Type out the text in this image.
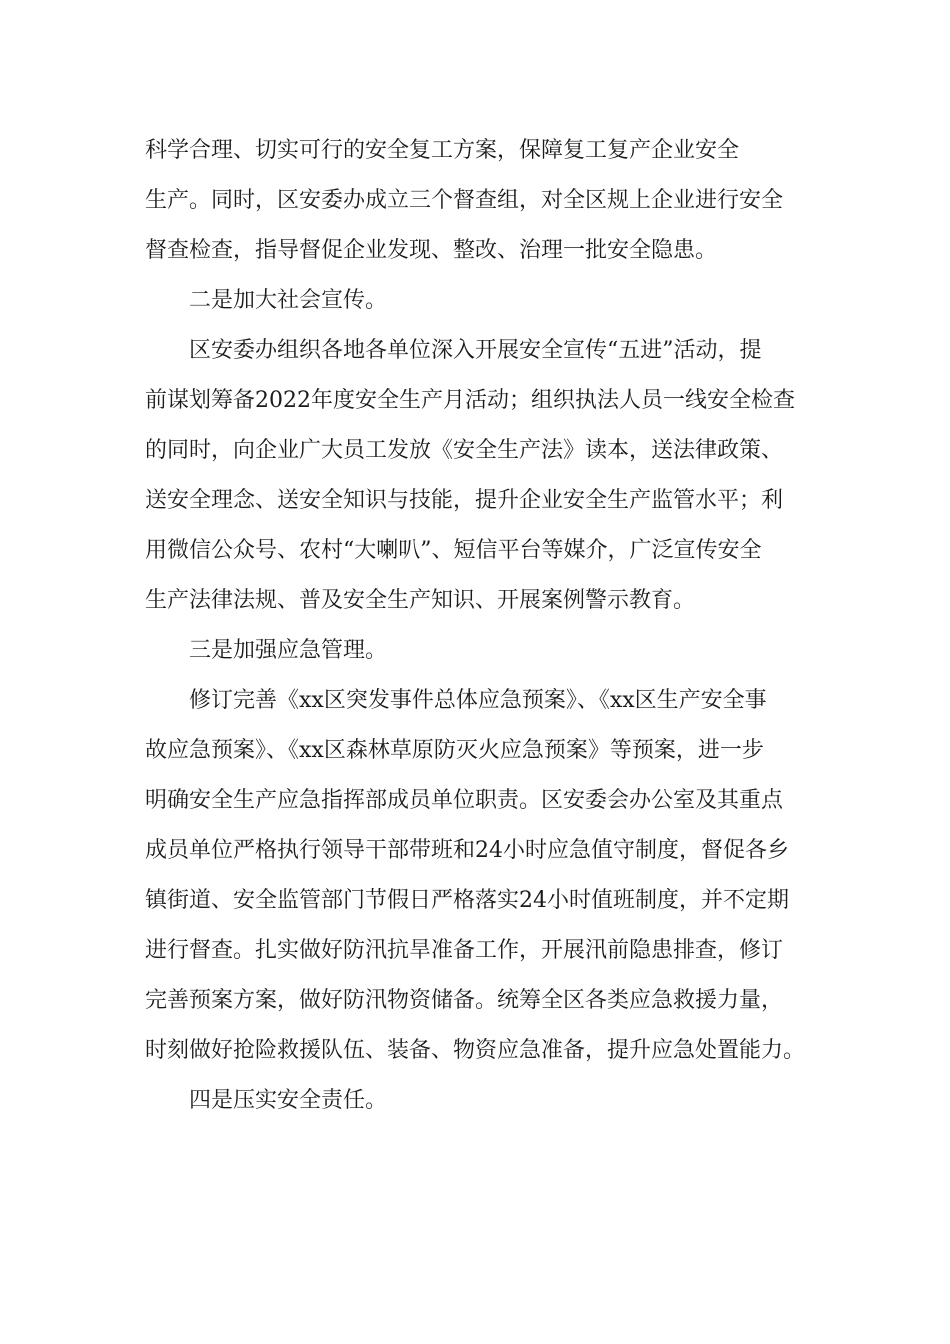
科学合理、切实可行的安全复工方案，保障复工复产企业安全
生产。同时，区安委办成立三个督查组，对全区规上企业进行安全
督查检查，指导督促企业发现、整改、治理一批安全隐患。
二是加大社会宣传。
区安委办组织各地各单位深入开展安全宣传“五进”活动，提
前谋划筹备2022年度安全生产月活动；组织执法人员一线安全检查
的同时，向企业广大员工发放《安全生产法》读本，送法律政策、
送安全理念、送安全知识与技能，提升企业安全生产监管水平；利
用微信公众号、农村“大喇叭”、短信平台等媒介，广泛宣传安全
生产法律法规、普及安全生产知识、开展案例警示教育。
三是加强应急管理。
修订完善《xx区突发事件总体应急预案》、《xx区生产安全事
故应急预案》、《xx区森林草原防灭火应急预案》等预案，进一步
明确安全生产应急指挥部成员单位职责。区安委会办公室及其重点
成员单位严格执行领导干部带班和24小时应急值守制度，督促各乡
镇街道、安全监管部门节假日严格落实24小时值班制度，并不定期
进行督查。扎实做好防汛抗旱准备工作，开展汛前隐患排查，修订
完善预案方案，做好防汛物资储备。统筹全区各类应急救援力量，
时刻做好抢险救援队伍、装备、物资应急准备，提升应急处置能力。
四是压实安全责任。
